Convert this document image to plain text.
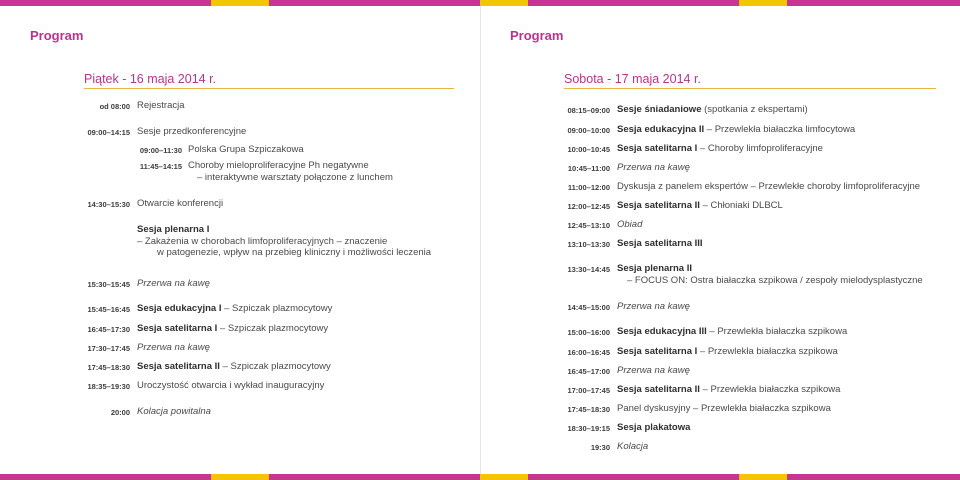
Program
Piątek - 16 maja 2014 r.
od 08:00 Rejestracja
09:00–14:15 Sesje przedkonferencyjne
09:00–11:30 Polska Grupa Szpiczakowa
11:45–14:15 Choroby mieloproliferacyjne Ph negatywne
– interaktywne warsztaty połączone z lunchem
14:30–15:30 Otwarcie konferencji
Sesja plenarna I
– Zakażenia w chorobach limfoproliferacyjnych – znaczenie
w patogenezie, wpływ na przebieg kliniczny i możliwości leczenia
15:30–15:45 Przerwa na kawę
15:45–16:45 Sesja edukacyjna I – Szpiczak plazmocytowy
16:45–17:30 Sesja satelitarna I – Szpiczak plazmocytowy
17:30–17:45 Przerwa na kawę
17:45–18:30 Sesja satelitarna II – Szpiczak plazmocytowy
18:35–19:30 Uroczystość otwarcia i wykład inauguracyjny
20:00 Kolacja powitalna
Program
Sobota - 17 maja 2014 r.
08:15–09:00 Sesje śniadaniowe (spotkania z ekspertami)
09:00–10:00 Sesja edukacyjna II – Przewlekła białaczka limfocytowa
10:00–10:45 Sesja satelitarna I – Choroby limfoproliferacyjne
10:45–11:00 Przerwa na kawę
11:00–12:00 Dyskusja z panelem ekspertów – Przewlekłe choroby limfoproliferacyjne
12:00–12:45 Sesja satelitarna II – Chłoniaki DLBCL
12:45–13:10 Obiad
13:10–13:30 Sesja satelitarna III
13:30–14:45 Sesja plenarna II
– FOCUS ON: Ostra białaczka szpikowa / zespoły mielodysplastyczne
14:45–15:00 Przerwa na kawę
15:00–16:00 Sesja edukacyjna III – Przewlekła białaczka szpikowa
16:00–16:45 Sesja satelitarna I – Przewlekła białaczka szpikowa
16:45–17:00 Przerwa na kawę
17:00–17:45 Sesja satelitarna II – Przewlekła białaczka szpikowa
17:45–18:30 Panel dyskusyjny – Przewlekła białaczka szpikowa
18:30–19:15 Sesja plakatowa
19:30 Kolacja
